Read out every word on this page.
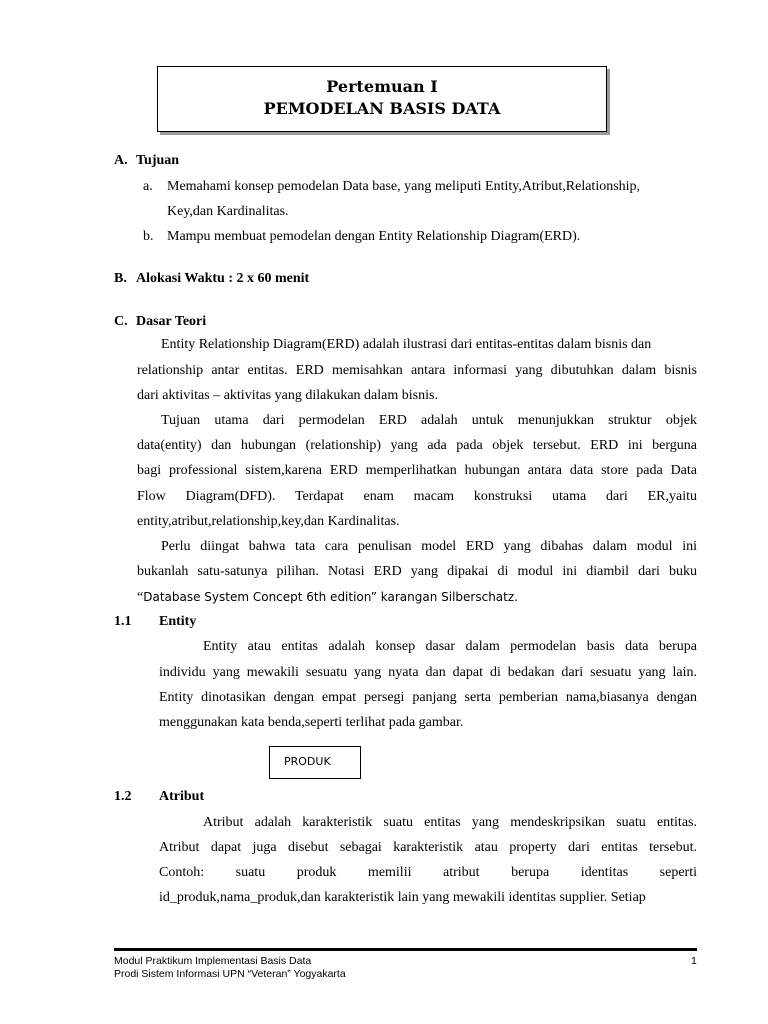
Pertemuan I
PEMODELAN BASIS DATA
A. Tujuan
a. Memahami konsep pemodelan Data base, yang meliputi Entity,Atribut,Relationship,
Key,dan Kardinalitas.
b. Mampu membuat pemodelan dengan Entity Relationship Diagram(ERD).
B. Alokasi Waktu : 2 x 60 menit
C. Dasar Teori
Entity Relationship Diagram(ERD) adalah ilustrasi dari entitas-entitas dalam bisnis dan
relationship antar entitas. ERD memisahkan antara informasi yang dibutuhkan dalam bisnis
dari aktivitas – aktivitas yang dilakukan dalam bisnis.
Tujuan utama dari permodelan ERD adalah untuk menunjukkan struktur objek
data(entity) dan hubungan (relationship) yang ada pada objek tersebut. ERD ini berguna
bagi professional sistem,karena ERD memperlihatkan hubungan antara data store pada Data
Flow Diagram(DFD). Terdapat enam macam konstruksi utama dari ER,yaitu
entity,atribut,relationship,key,dan Kardinalitas.
Perlu diingat bahwa tata cara penulisan model ERD yang dibahas dalam modul ini
bukanlah satu-satunya pilihan. Notasi ERD yang dipakai di modul ini diambil dari buku
“Database System Concept 6th edition” karangan Silberschatz.
1.1 Entity
Entity atau entitas adalah konsep dasar dalam permodelan basis data berupa
individu yang mewakili sesuatu yang nyata dan dapat di bedakan dari sesuatu yang lain.
Entity dinotasikan dengan empat persegi panjang serta pemberian nama,biasanya dengan
menggunakan kata benda,seperti terlihat pada gambar.
PRODUK
1.2 Atribut
Atribut adalah karakteristik suatu entitas yang mendeskripsikan suatu entitas.
Atribut dapat juga disebut sebagai karakteristik atau property dari entitas tersebut.
Contoh: suatu produk memilii atribut berupa identitas seperti
id_produk,nama_produk,dan karakteristik lain yang mewakili identitas supplier. Setiap
Modul Praktikum Implementasi Basis Data
Prodi Sistem Informasi UPN “Veteran” Yogyakarta
1
